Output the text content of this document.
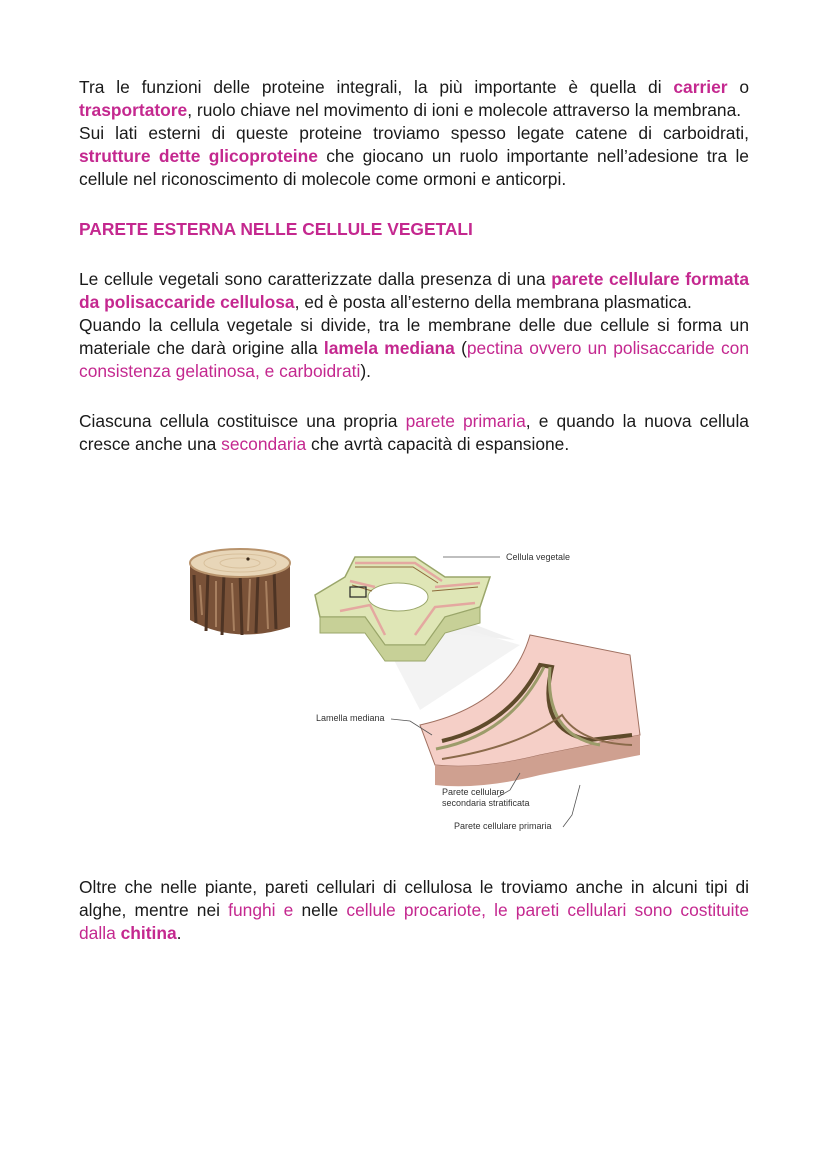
Tra le funzioni delle proteine integrali, la più importante è quella di carrier o trasportatore, ruolo chiave nel movimento di ioni e molecole attraverso la membrana.

Sui lati esterni di queste proteine troviamo spesso legate catene di carboidrati, strutture dette glicoproteine che giocano un ruolo importante nell’adesione tra le cellule nel riconoscimento di molecole come ormoni e anticorpi.

PARETE ESTERNA NELLE CELLULE VEGETALI

Le cellule vegetali sono caratterizzate dalla presenza di una parete cellulare formata da polisaccaride cellulosa, ed è posta all’esterno della membrana plasmatica.

Quando la cellula vegetale si divide, tra le membrane delle due cellule si forma un materiale che darà origine alla lamela mediana (pectina ovvero un polisaccaride con consistenza gelatinosa, e carboidrati).

Ciascuna cellula costituisce una propria parete primaria, e quando la nuova cellula cresce anche una secondaria che avrtà capacità di espansione.

Cellula vegetale
Lamella mediana
Parete cellulare
secondaria stratificata
Parete cellulare primaria

Oltre che nelle piante, pareti cellulari di cellulosa le troviamo anche in alcuni tipi di alghe, mentre nei funghi e nelle cellule procariote, le pareti cellulari sono costituite dalla chitina.
